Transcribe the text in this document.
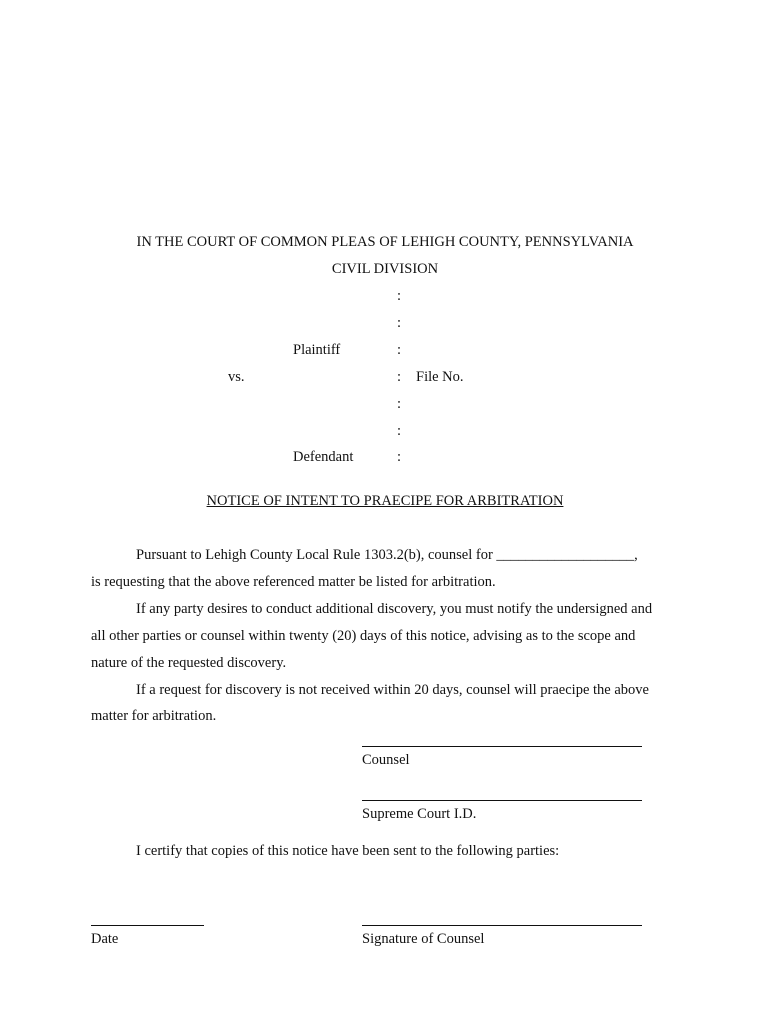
IN THE COURT OF COMMON PLEAS OF LEHIGH COUNTY, PENNSYLVANIA
CIVIL DIVISION
:
:
Plaintiff	:
vs.	: File No.
:
:
Defendant	:
NOTICE OF INTENT TO PRAECIPE FOR ARBITRATION
Pursuant to Lehigh County Local Rule 1303.2(b), counsel for ___________________,
is requesting that the above referenced matter be listed for arbitration.
If any party desires to conduct additional discovery, you must notify the undersigned and
all other parties or counsel within twenty (20) days of this notice, advising as to the scope and
nature of the requested discovery.
If a request for discovery is not received within 20 days, counsel will praecipe the above
matter for arbitration.
Counsel
Supreme Court I.D.
I certify that copies of this notice have been sent to the following parties:
Date	Signature of Counsel
